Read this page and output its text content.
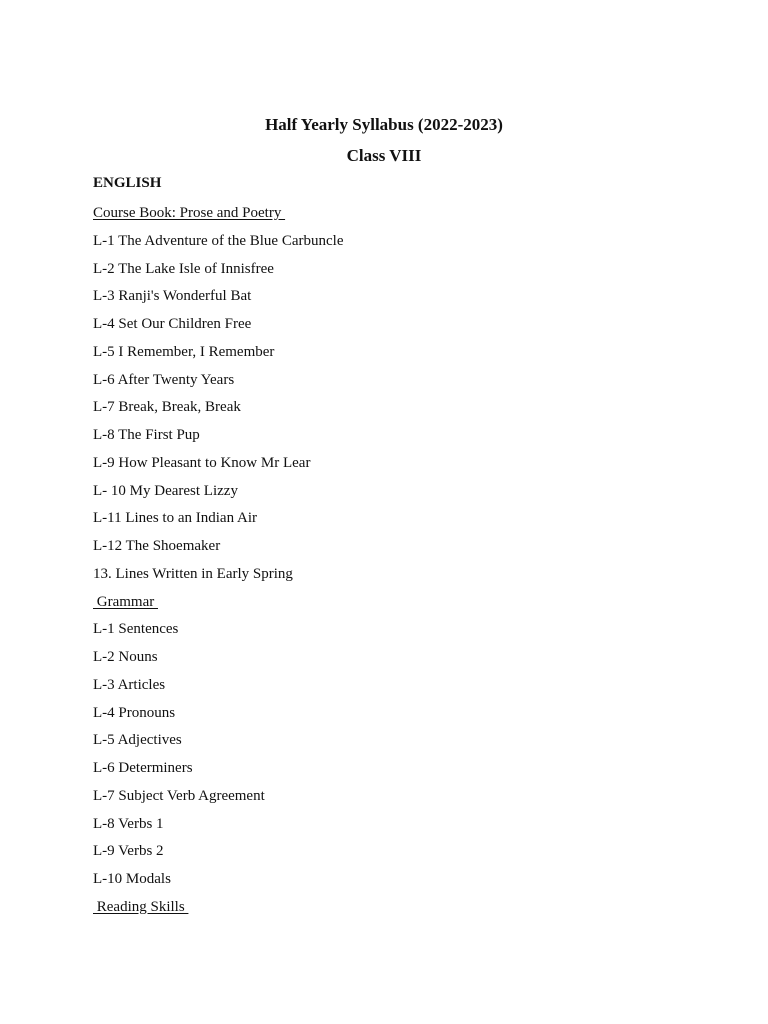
Half Yearly Syllabus (2022-2023)
Class VIII

ENGLISH

Course Book: Prose and Poetry
L-1 The Adventure of the Blue Carbuncle
L-2 The Lake Isle of Innisfree
L-3 Ranji's Wonderful Bat
L-4 Set Our Children Free
L-5 I Remember, I Remember
L-6 After Twenty Years
L-7 Break, Break, Break
L-8 The First Pup
L-9 How Pleasant to Know Mr Lear
L- 10 My Dearest Lizzy
L-11 Lines to an Indian Air
L-12 The Shoemaker
13. Lines Written in Early Spring
Grammar
L-1 Sentences
L-2 Nouns
L-3 Articles
L-4 Pronouns
L-5 Adjectives
L-6 Determiners
L-7 Subject Verb Agreement
L-8 Verbs 1
L-9 Verbs 2
L-10 Modals
Reading Skills
